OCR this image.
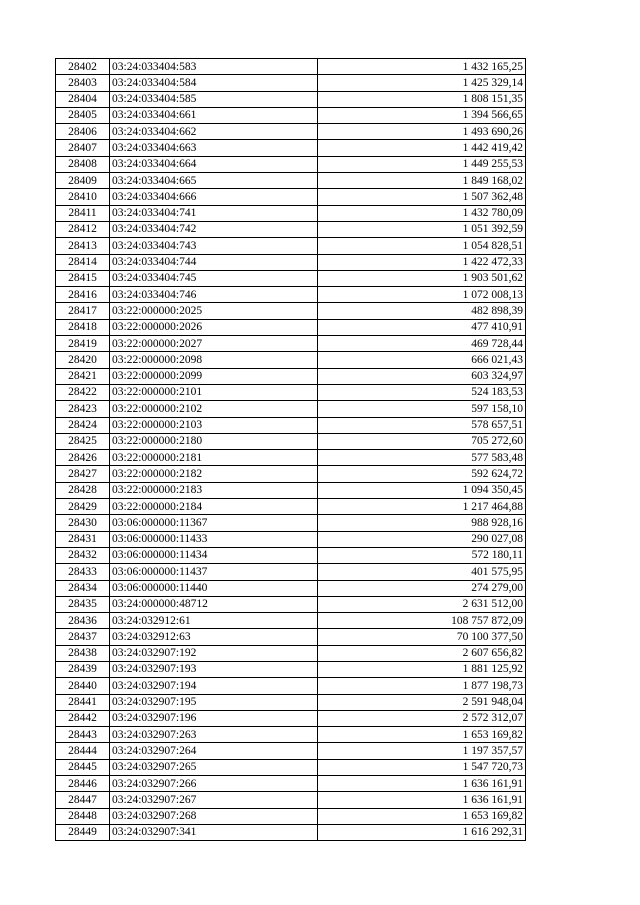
28402	03:24:033404:583	1 432 165,25
28403	03:24:033404:584	1 425 329,14
28404	03:24:033404:585	1 808 151,35
28405	03:24:033404:661	1 394 566,65
28406	03:24:033404:662	1 493 690,26
28407	03:24:033404:663	1 442 419,42
28408	03:24:033404:664	1 449 255,53
28409	03:24:033404:665	1 849 168,02
28410	03:24:033404:666	1 507 362,48
28411	03:24:033404:741	1 432 780,09
28412	03:24:033404:742	1 051 392,59
28413	03:24:033404:743	1 054 828,51
28414	03:24:033404:744	1 422 472,33
28415	03:24:033404:745	1 903 501,62
28416	03:24:033404:746	1 072 008,13
28417	03:22:000000:2025	482 898,39
28418	03:22:000000:2026	477 410,91
28419	03:22:000000:2027	469 728,44
28420	03:22:000000:2098	666 021,43
28421	03:22:000000:2099	603 324,97
28422	03:22:000000:2101	524 183,53
28423	03:22:000000:2102	597 158,10
28424	03:22:000000:2103	578 657,51
28425	03:22:000000:2180	705 272,60
28426	03:22:000000:2181	577 583,48
28427	03:22:000000:2182	592 624,72
28428	03:22:000000:2183	1 094 350,45
28429	03:22:000000:2184	1 217 464,88
28430	03:06:000000:11367	988 928,16
28431	03:06:000000:11433	290 027,08
28432	03:06:000000:11434	572 180,11
28433	03:06:000000:11437	401 575,95
28434	03:06:000000:11440	274 279,00
28435	03:24:000000:48712	2 631 512,00
28436	03:24:032912:61	108 757 872,09
28437	03:24:032912:63	70 100 377,50
28438	03:24:032907:192	2 607 656,82
28439	03:24:032907:193	1 881 125,92
28440	03:24:032907:194	1 877 198,73
28441	03:24:032907:195	2 591 948,04
28442	03:24:032907:196	2 572 312,07
28443	03:24:032907:263	1 653 169,82
28444	03:24:032907:264	1 197 357,57
28445	03:24:032907:265	1 547 720,73
28446	03:24:032907:266	1 636 161,91
28447	03:24:032907:267	1 636 161,91
28448	03:24:032907:268	1 653 169,82
28449	03:24:032907:341	1 616 292,31
